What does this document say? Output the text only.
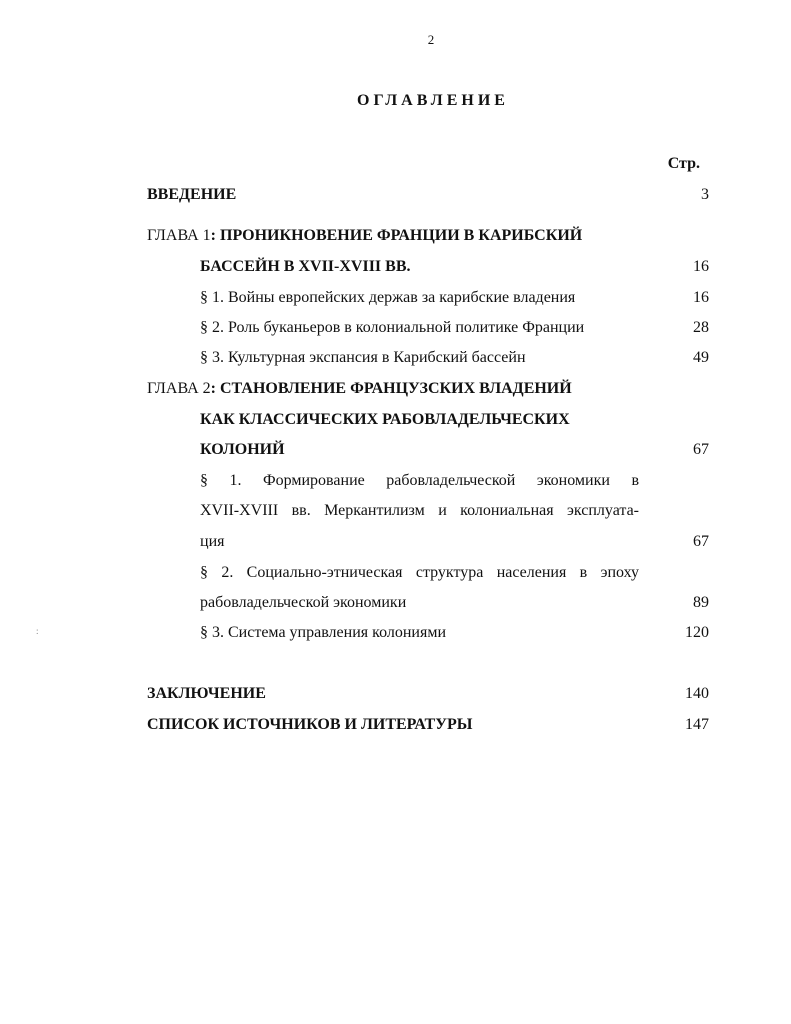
2
ОГЛАВЛЕНИЕ
Стр.
:
ВВЕДЕНИЕ	3
ГЛАВА 1: ПРОНИКНОВЕНИЕ ФРАНЦИИ В КАРИБСКИЙ
БАССЕЙН В XVII-XVIII ВВ.	16
§ 1. Войны европейских держав за карибские владения	16
§ 2. Роль буканьеров в колониальной политике Франции	28
§ 3. Культурная экспансия в Карибский бассейн	49
ГЛАВА 2: СТАНОВЛЕНИЕ ФРАНЦУЗСКИХ ВЛАДЕНИЙ
КАК КЛАССИЧЕСКИХ РАБОВЛАДЕЛЬЧЕСКИХ
КОЛОНИЙ	67
§ 1. Формирование рабовладельческой экономики в
XVII-XVIII вв. Меркантилизм и колониальная эксплуата-
ция	67
§ 2. Социально-этническая структура населения в эпоху
рабовладельческой экономики	89
§ 3. Система управления колониями	120
ЗАКЛЮЧЕНИЕ	140
СПИСОК ИСТОЧНИКОВ И ЛИТЕРАТУРЫ	147
